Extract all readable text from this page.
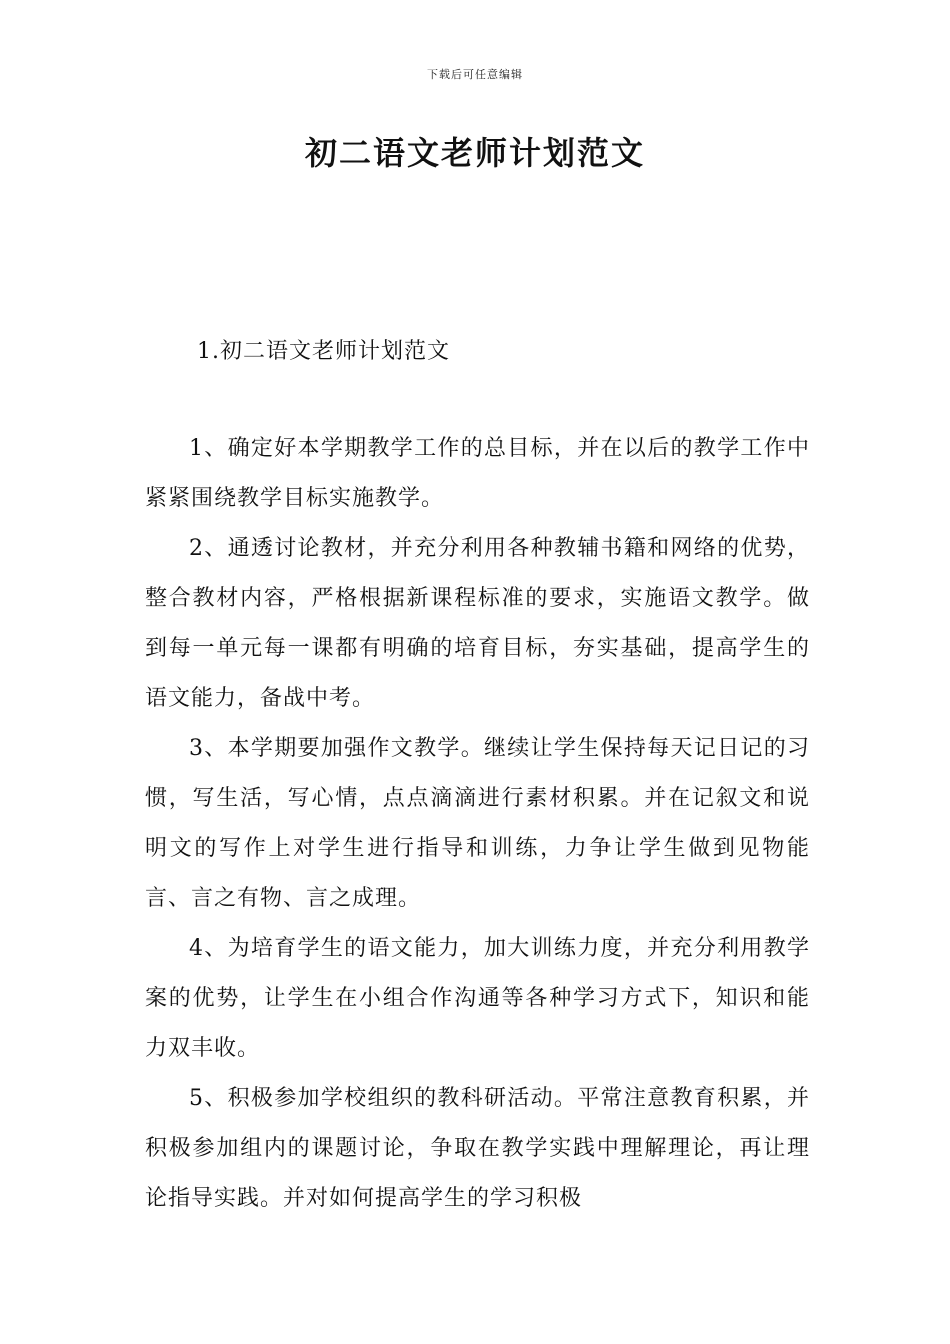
下载后可任意编辑
初二语文老师计划范文
1.初二语文老师计划范文

1、确定好本学期教学工作的总目标，并在以后的教学工作中紧紧围绕教学目标实施教学。

2、通透讨论教材，并充分利用各种教辅书籍和网络的优势，整合教材内容，严格根据新课程标准的要求，实施语文教学。做到每一单元每一课都有明确的培育目标，夯实基础，提高学生的语文能力，备战中考。

3、本学期要加强作文教学。继续让学生保持每天记日记的习惯，写生活，写心情，点点滴滴进行素材积累。并在记叙文和说明文的写作上对学生进行指导和训练，力争让学生做到见物能言、言之有物、言之成理。

4、为培育学生的语文能力，加大训练力度，并充分利用教学案的优势，让学生在小组合作沟通等各种学习方式下，知识和能力双丰收。

5、积极参加学校组织的教科研活动。平常注意教育积累，并积极参加组内的课题讨论，争取在教学实践中理解理论，再让理论指导实践。并对如何提高学生的学习积极
